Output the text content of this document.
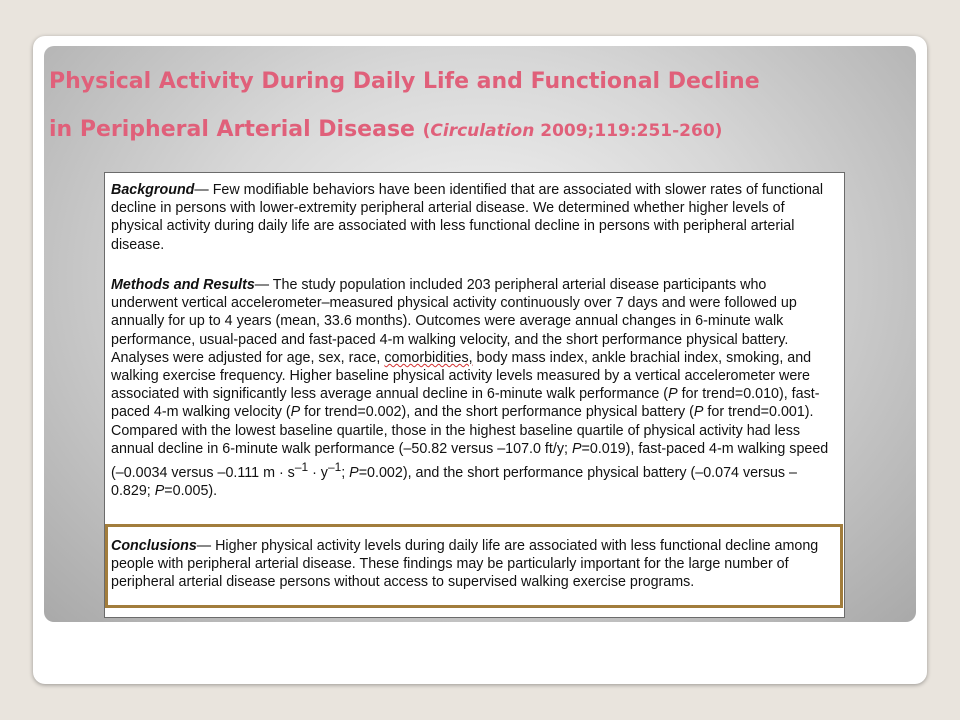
Physical Activity During Daily Life and Functional Decline
in Peripheral Arterial Disease (Circulation 2009;119:251-260)

Background— Few modifiable behaviors have been identified that are associated with slower rates of functional decline in persons with lower-extremity peripheral arterial disease. We determined whether higher levels of physical activity during daily life are associated with less functional decline in persons with peripheral arterial disease.

Methods and Results— The study population included 203 peripheral arterial disease participants who underwent vertical accelerometer–measured physical activity continuously over 7 days and were followed up annually for up to 4 years (mean, 33.6 months). Outcomes were average annual changes in 6-minute walk performance, usual-paced and fast-paced 4-m walking velocity, and the short performance physical battery. Analyses were adjusted for age, sex, race, comorbidities, body mass index, ankle brachial index, smoking, and walking exercise frequency. Higher baseline physical activity levels measured by a vertical accelerometer were associated with significantly less average annual decline in 6-minute walk performance (P for trend=0.010), fast-paced 4-m walking velocity (P for trend=0.002), and the short performance physical battery (P for trend=0.001). Compared with the lowest baseline quartile, those in the highest baseline quartile of physical activity had less annual decline in 6-minute walk performance (–50.82 versus –107.0 ft/y; P=0.019), fast-paced 4-m walking speed (–0.0034 versus –0.111 $m \cdot s^{-1} \cdot y^{-1}$; P=0.002), and the short performance physical battery (–0.074 versus –0.829; P=0.005).

Conclusions— Higher physical activity levels during daily life are associated with less functional decline among people with peripheral arterial disease. These findings may be particularly important for the large number of peripheral arterial disease persons without access to supervised walking exercise programs.
